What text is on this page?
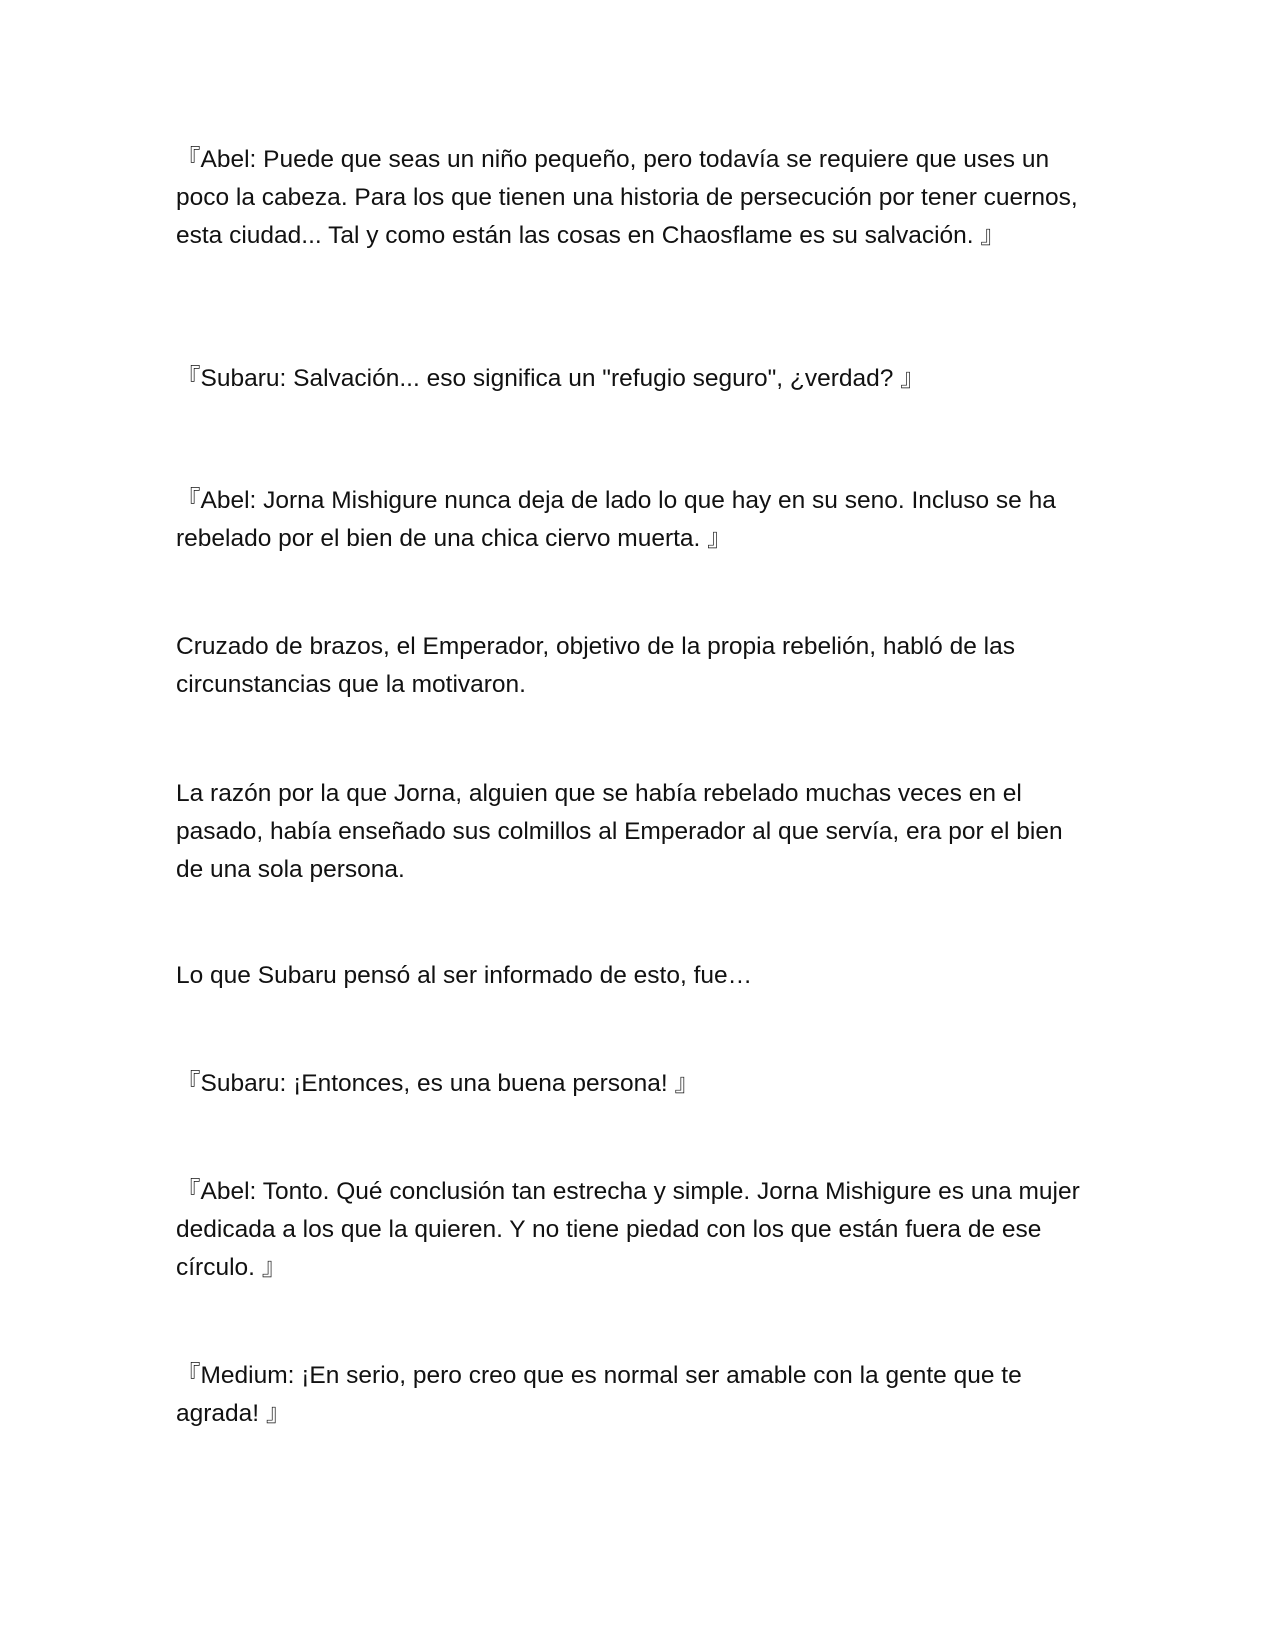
『Abel: Puede que seas un niño pequeño, pero todavía se requiere que uses un poco la cabeza. Para los que tienen una historia de persecución por tener cuernos, esta ciudad... Tal y como están las cosas en Chaosflame es su salvación. 』

『Subaru: Salvación... eso significa un "refugio seguro", ¿verdad? 』

『Abel: Jorna Mishigure nunca deja de lado lo que hay en su seno. Incluso se ha rebelado por el bien de una chica ciervo muerta. 』

Cruzado de brazos, el Emperador, objetivo de la propia rebelión, habló de las circunstancias que la motivaron.

La razón por la que Jorna, alguien que se había rebelado muchas veces en el pasado, había enseñado sus colmillos al Emperador al que servía, era por el bien de una sola persona.

Lo que Subaru pensó al ser informado de esto, fue…

『Subaru: ¡Entonces, es una buena persona! 』

『Abel: Tonto. Qué conclusión tan estrecha y simple. Jorna Mishigure es una mujer dedicada a los que la quieren. Y no tiene piedad con los que están fuera de ese círculo. 』

『Medium: ¡En serio, pero creo que es normal ser amable con la gente que te agrada! 』
